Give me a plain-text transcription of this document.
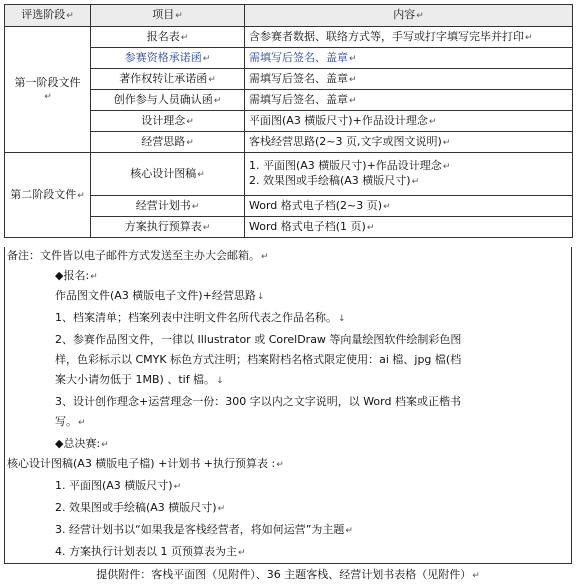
评选阶段↵	项目↵	内容↵
第一阶段文件
↵	报名表↵	含参赛者数据、联络方式等，手写或打字填写完毕并打印↵
	参赛资格承诺函↵	需填写后签名、盖章↵
	著作权转让承诺函↵	需填写后签名、盖章↵
	创作参与人员确认函↵	需填写后签名、盖章↵
	设计理念↵	平面图(A3 横版尺寸)+作品设计理念↵
	经营思路↵	客栈经营思路(2~3 页,文字或图文说明)↵
第二阶段文件↵	核心设计图稿↵	1. 平面图(A3 横版尺寸)+作品设计理念↵
2. 效果图或手绘稿(A3 横版尺寸)↵
	经营计划书↵	Word 格式电子档(2~3 页)↵
	方案执行预算表↵	Word 格式电子档(1 页)↵
备注：文件皆以电子邮件方式发送至主办大会邮箱。↵
◆报名:↵
作品图文件(A3 横版电子文件)+经营思路↓
1、档案清单；档案列表中注明文件名所代表之作品名称。↓
2、参赛作品图文件，一律以 Illustrator 或 CorelDraw 等向量绘图软件绘制彩色图
样，色彩标示以 CMYK 标色方式注明；档案附档名格式限定使用：ai 檔、jpg 檔(档
案大小请勿低于 1MB) 、tif 檔。↓
3、设计创作理念+运营理念一份：300 字以内之文字说明，以 Word 档案或正楷书
写。↵
◆总决赛:↵
核心设计图稿(A3 横版电子檔) +计划书 +执行预算表 :↵
1. 平面图(A3 横版尺寸)↵
2. 效果图或手绘稿(A3 横版尺寸)↵
3. 经营计划书以“如果我是客栈经营者，将如何运营”为主题↵
4. 方案执行计划表以 1 页预算表为主↵
提供附件：客栈平面图（见附件）、36 主题客栈、经营计划书表格（见附件）↵
